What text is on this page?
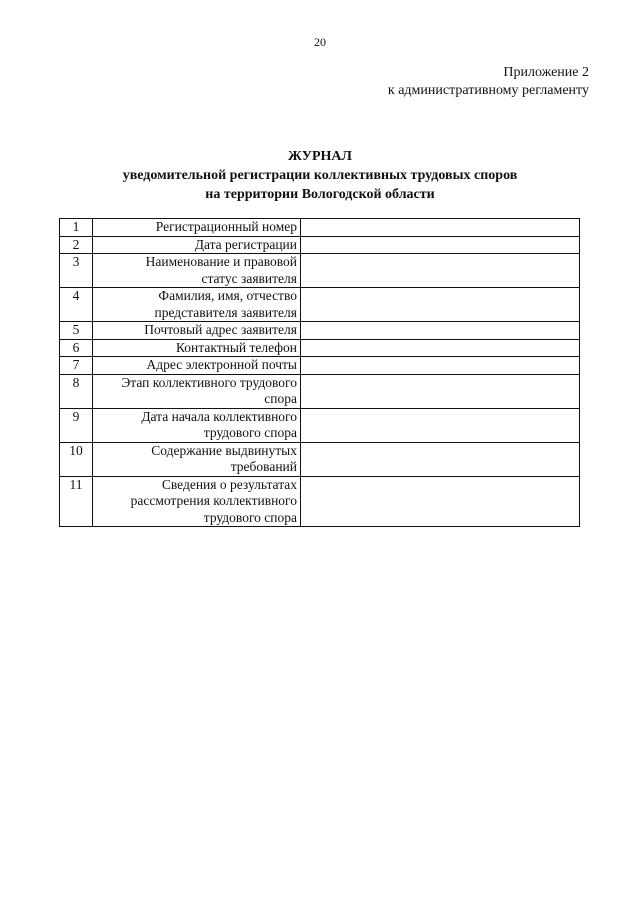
20
Приложение 2
к административному регламенту
ЖУРНАЛ
уведомительной регистрации коллективных трудовых споров
на территории Вологодской области
1	Регистрационный номер	

2	Дата регистрации	

3	Наименование и правовой
статус заявителя	

4	Фамилия, имя, отчество
представителя заявителя	

5	Почтовый адрес заявителя	

6	Контактный телефон	

7	Адрес электронной почты	

8	Этап коллективного трудового
спора	

9	Дата начала коллективного
трудового спора	

10	Содержание выдвинутых
требований	

11	Сведения о результатах
рассмотрения коллективного
трудового спора	
